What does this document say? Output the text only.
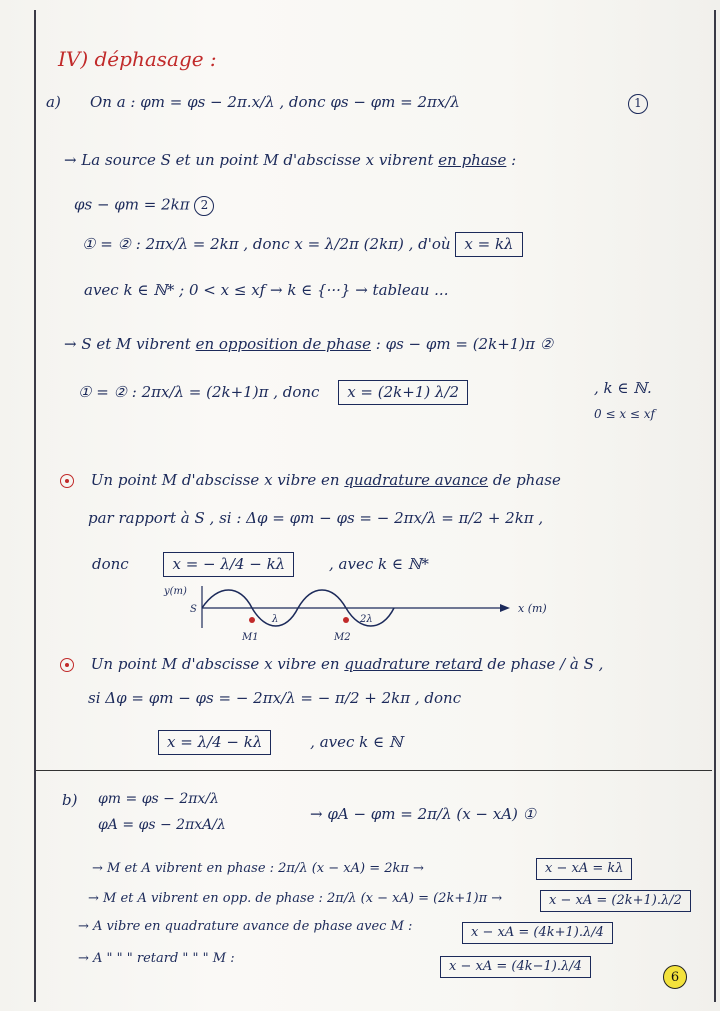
IV) déphasage :
a) On a : φm = φs − 2π.x/λ , donc φs − φm = 2πx/λ	1
→ La source S et un point M d'abscisse x vibrent en phase :
φs − φm = 2kπ 2
① = ② : 2πx/λ = 2kπ , donc x = λ/2π (2kπ) , d'où x = kλ
avec k ∈ ℕ* ; 0 < x ≤ xf → k ∈ {···} → tableau ...
→ S et M vibrent en opposition de phase : φs − φm = (2k+1)π ②
① = ② : 2πx/λ = (2k+1)π , donc x = (2k+1) λ/2	, k ∈ ℕ.
0 ≤ x ≤ xf
Un point M d'abscisse x vibre en quadrature avance de phase
par rapport à S , si : Δφ = φm − φs = − 2πx/λ = π/2 + 2kπ ,
donc	x = − λ/4 − kλ	, avec k ∈ ℕ*
y(m)
S
λ	2λ
M1	M2
x (m)
Un point M d'abscisse x vibre en quadrature retard de phase / à S ,
si Δφ = φm − φs = − 2πx/λ = − π/2 + 2kπ , donc
x = λ/4 − kλ	, avec k ∈ ℕ
b) φm = φs − 2πx/λ
φA = φs − 2πxA/λ
→ φA − φm = 2π/λ (x − xA) ①
→ M et A vibrent en phase : 2π/λ (x − xA) = 2kπ →	x − xA = kλ
→ M et A vibrent en opp. de phase : 2π/λ (x − xA) = (2k+1)π →	x − xA = (2k+1).λ/2
→ A vibre en quadrature avance de phase avec M :	x − xA = (4k+1).λ/4
→ A " " " retard " " " M :
x − xA = (4k−1).λ/4
6
